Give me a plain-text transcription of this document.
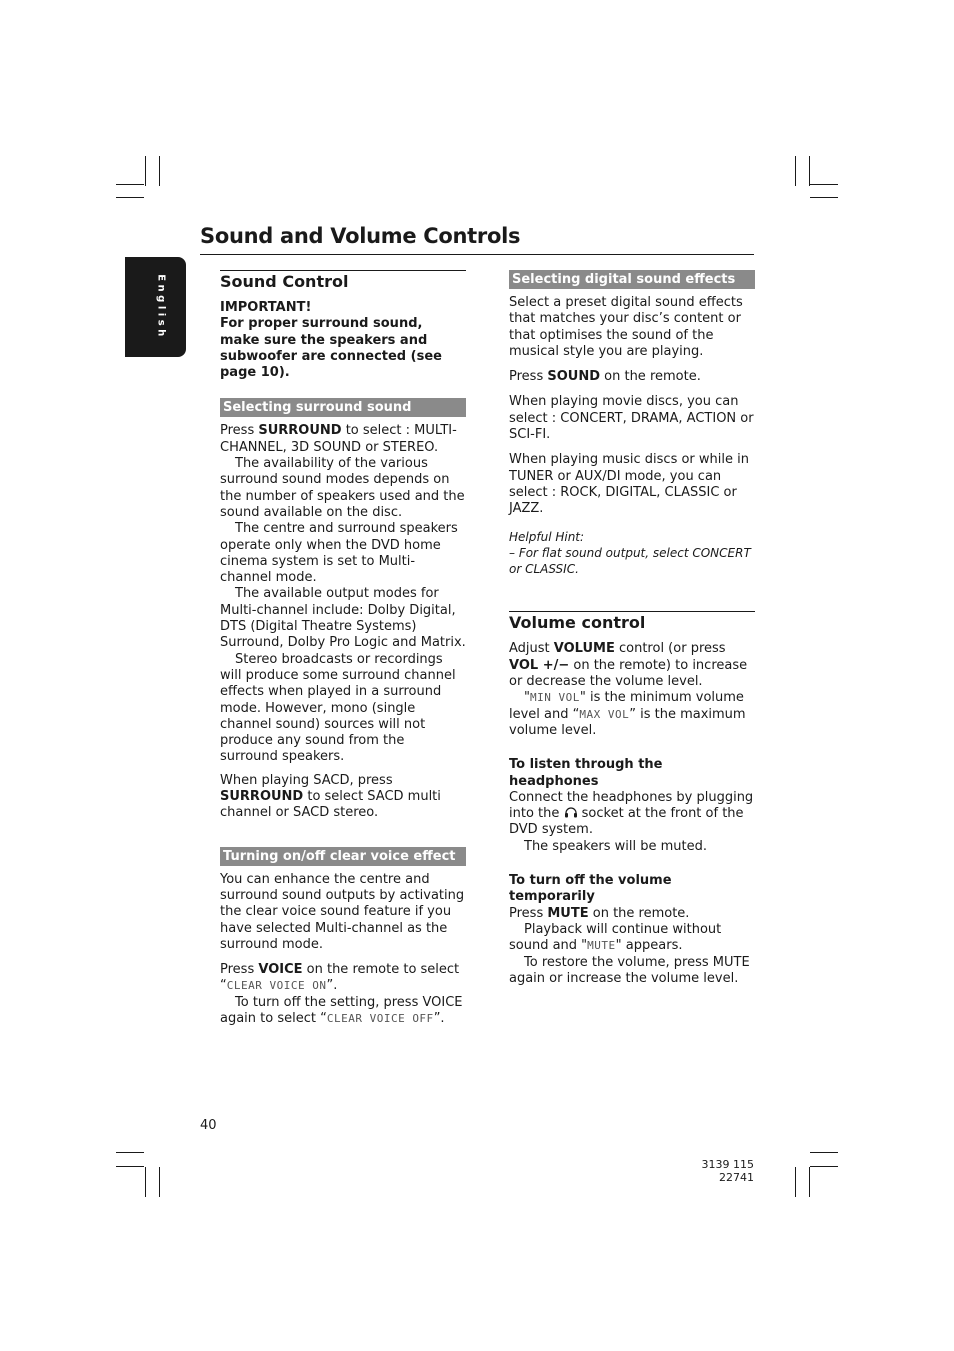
Sound and Volume Controls
English	Sound Control

IMPORTANT!

For proper surround sound, make sure the speakers and subwoofer are connected (see page 10).

Selecting surround sound

Press SURROUND to select : MULTI-CHANNEL, 3D SOUND or STEREO.

The availability of the various surround sound modes depends on the number of speakers used and the sound available on the disc.

The centre and surround speakers operate only when the DVD home cinema system is set to Multi-channel mode.

The available output modes for Multi-channel include: Dolby Digital, DTS (Digital Theatre Systems) Surround, Dolby Pro Logic and Matrix.

Stereo broadcasts or recordings will produce some surround channel effects when played in a surround mode. However, mono (single channel sound) sources will not produce any sound from the surround speakers.

When playing SACD, press SURROUND to select SACD multi channel or SACD stereo.

Turning on/off clear voice effect

You can enhance the centre and surround sound outputs by activating the clear voice sound feature if you have selected Multi-channel as the surround mode.

Press VOICE on the remote to select “CLEAR VOICE ON”.

To turn off the setting, press VOICE again to select “CLEAR VOICE OFF”.

Selecting digital sound effects

Select a preset digital sound effects that matches your disc’s content or that optimises the sound of the musical style you are playing.

Press SOUND on the remote.

When playing movie discs, you can select : CONCERT, DRAMA, ACTION or SCI-FI.

When playing music discs or while in TUNER or AUX/DI mode, you can select : ROCK, DIGITAL, CLASSIC or JAZZ.

Helpful Hint:

– For flat sound output, select CONCERT or CLASSIC.

Volume control

Adjust VOLUME control (or press VOL +/− on the remote) to increase or decrease the volume level.

"MIN VOL" is the minimum volume level and “MAX VOL” is the maximum volume level.

To listen through the headphones

Connect the headphones by plugging into the  socket at the front of the DVD system.

The speakers will be muted.

To turn off the volume temporarily

Press MUTE on the remote.

Playback will continue without sound and "MUTE" appears.

To restore the volume, press MUTE again or increase the volume level.

40
3139 115 22741
